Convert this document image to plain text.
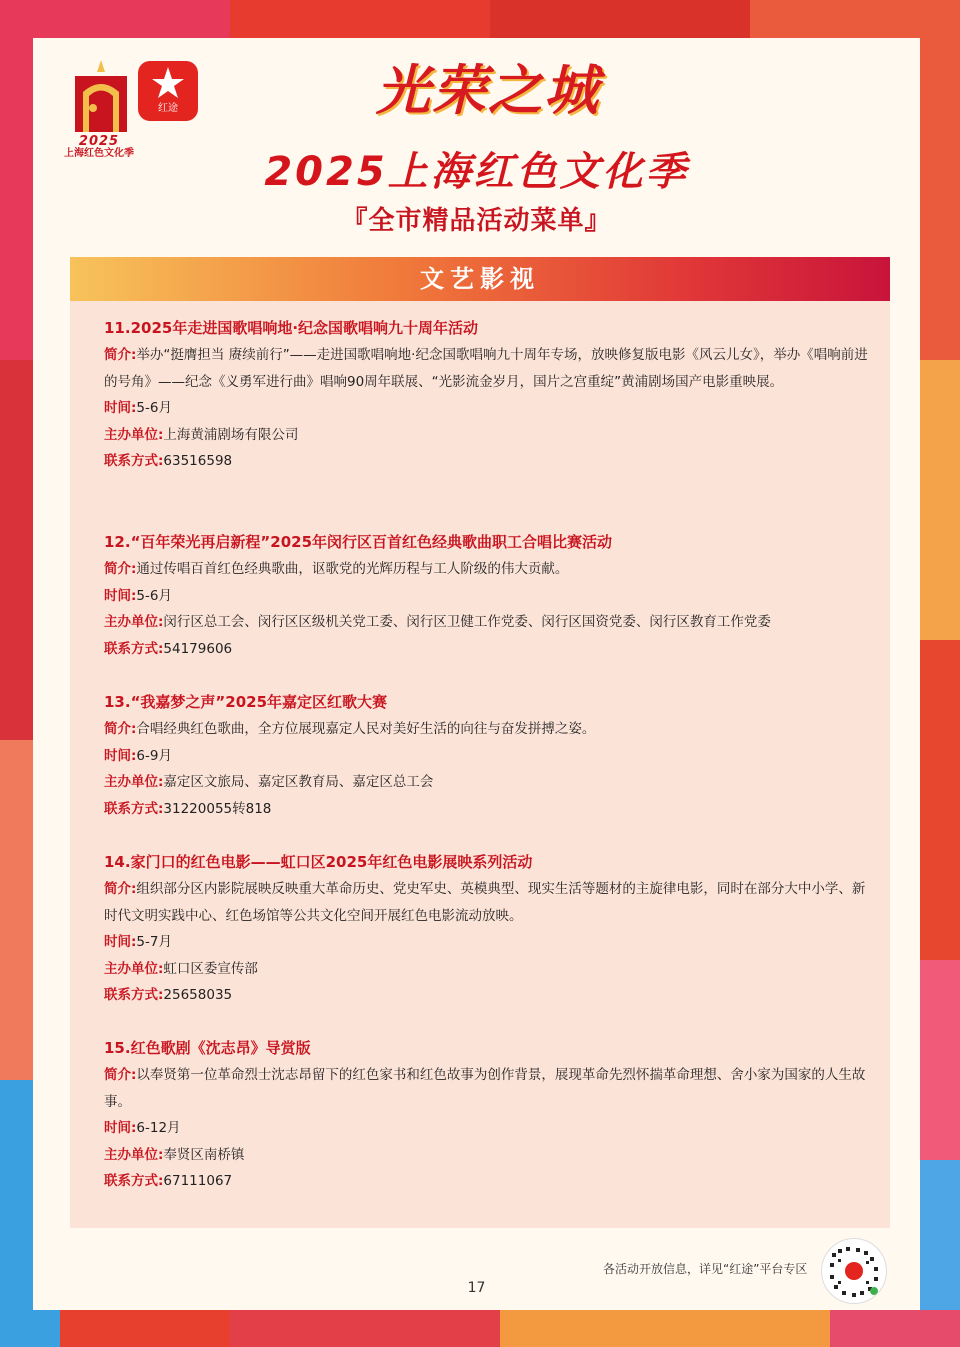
2025
上海红色文化季
红途	光荣之城
2025上海红色文化季
『全市精品活动菜单』
文艺影视
11.2025年走进国歌唱响地·纪念国歌唱响九十周年活动
简介:举办“挺膺担当 赓续前行”——走进国歌唱响地·纪念国歌唱响九十周年专场，放映修复版电影《风云儿女》，举办《唱响前进的号角》——纪念《义勇军进行曲》唱响90周年联展、“光影流金岁月，国片之宫重绽”黄浦剧场国产电影重映展。
时间:5-6月
主办单位:上海黄浦剧场有限公司
联系方式:63516598
12.“百年荣光再启新程”2025年闵行区百首红色经典歌曲职工合唱比赛活动
简介:通过传唱百首红色经典歌曲，讴歌党的光辉历程与工人阶级的伟大贡献。
时间:5-6月
主办单位:闵行区总工会、闵行区区级机关党工委、闵行区卫健工作党委、闵行区国资党委、闵行区教育工作党委
联系方式:54179606
13.“我嘉梦之声”2025年嘉定区红歌大赛
简介:合唱经典红色歌曲，全方位展现嘉定人民对美好生活的向往与奋发拼搏之姿。
时间:6-9月
主办单位:嘉定区文旅局、嘉定区教育局、嘉定区总工会
联系方式:31220055转818
14.家门口的红色电影——虹口区2025年红色电影展映系列活动
简介:组织部分区内影院展映反映重大革命历史、党史军史、英模典型、现实生活等题材的主旋律电影，同时在部分大中小学、新时代文明实践中心、红色场馆等公共文化空间开展红色电影流动放映。
时间:5-7月
主办单位:虹口区委宣传部
联系方式:25658035
15.红色歌剧《沈志昂》导赏版
简介:以奉贤第一位革命烈士沈志昂留下的红色家书和红色故事为创作背景，展现革命先烈怀揣革命理想、舍小家为国家的人生故事。
时间:6-12月
主办单位:奉贤区南桥镇
联系方式:67111067
各活动开放信息，详见“红途”平台专区
17
